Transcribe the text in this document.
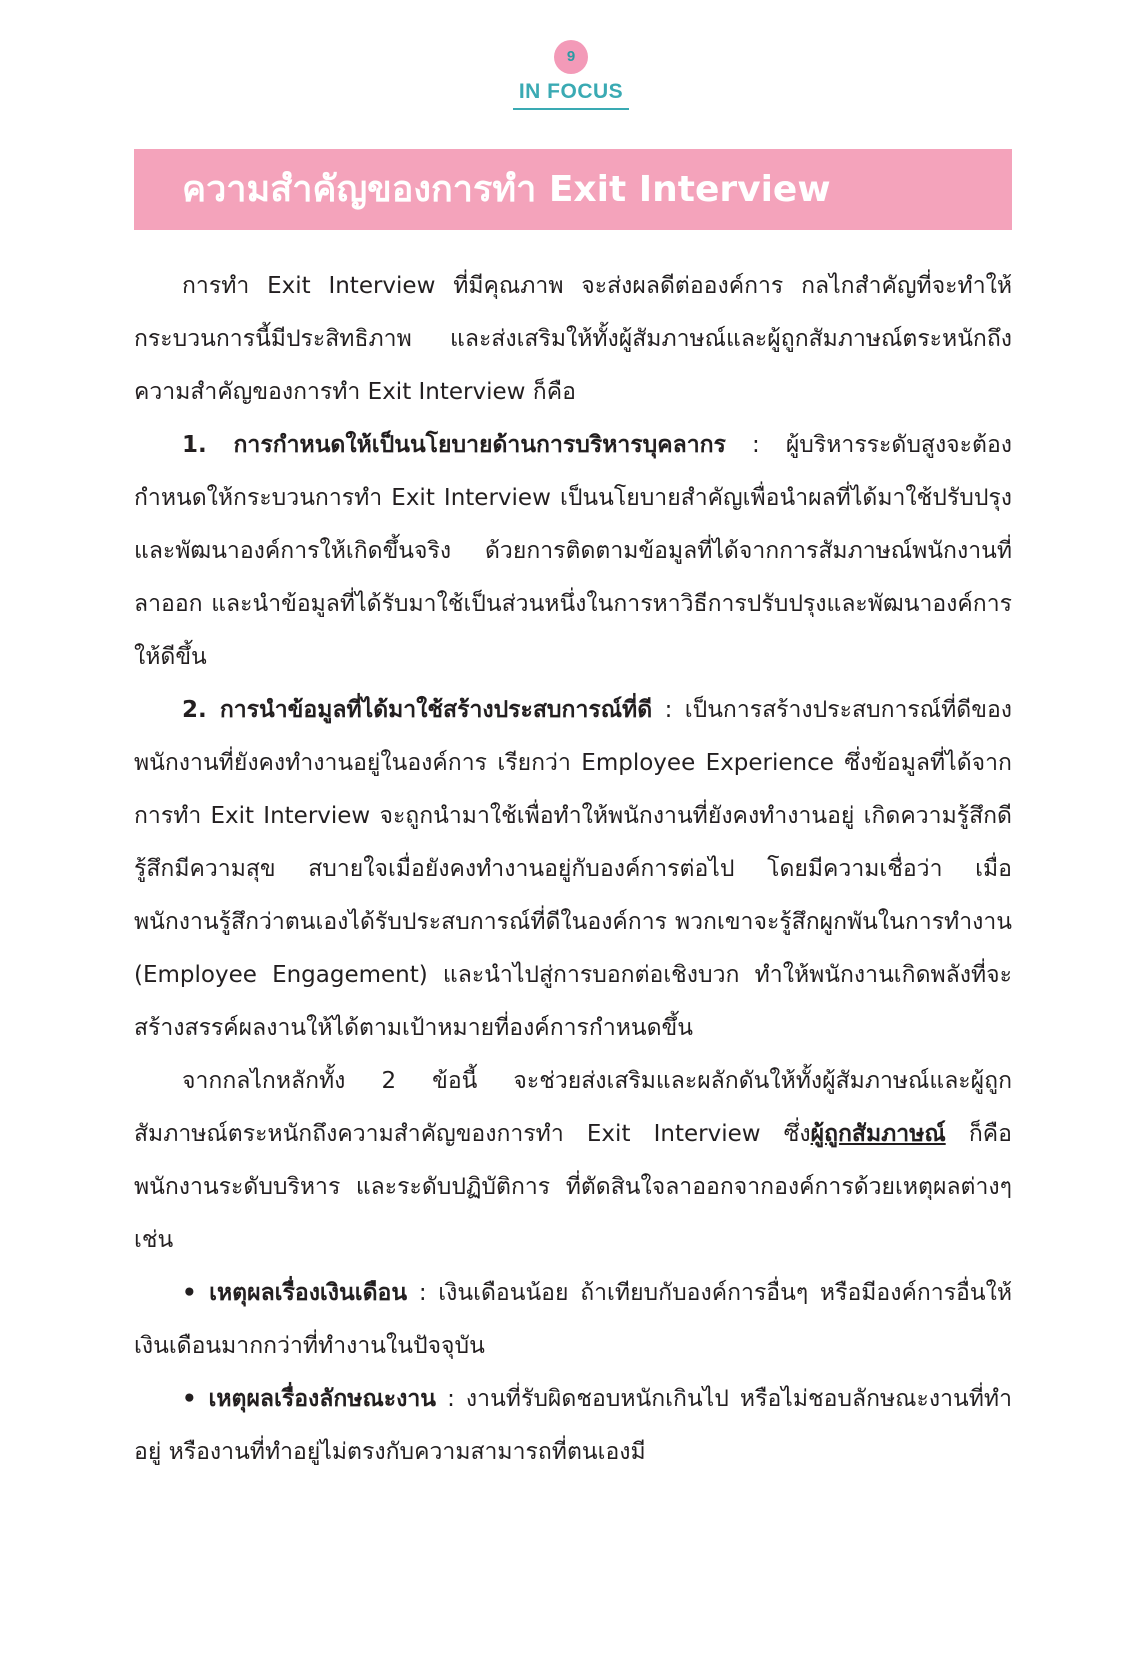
9
IN FOCUS
ความสำคัญของการทำ Exit Interview

การทำ Exit Interview ที่มีคุณภาพ จะส่งผลดีต่อองค์การ กลไกสำคัญที่จะทำให้กระบวนการนี้มีประสิทธิภาพ และส่งเสริมให้ทั้งผู้สัมภาษณ์และผู้ถูกสัมภาษณ์ตระหนักถึงความสำคัญของการทำ Exit Interview ก็คือ

1. การกำหนดให้เป็นนโยบายด้านการบริหารบุคลากร : ผู้บริหารระดับสูงจะต้องกำหนดให้กระบวนการทำ Exit Interview เป็นนโยบายสำคัญเพื่อนำผลที่ได้มาใช้ปรับปรุงและพัฒนาองค์การให้เกิดขึ้นจริง ด้วยการติดตามข้อมูลที่ได้จากการสัมภาษณ์พนักงานที่ลาออก และนำข้อมูลที่ได้รับมาใช้เป็นส่วนหนึ่งในการหาวิธีการปรับปรุงและพัฒนาองค์การให้ดีขึ้น

2. การนำข้อมูลที่ได้มาใช้สร้างประสบการณ์ที่ดี : เป็นการสร้างประสบการณ์ที่ดีของพนักงานที่ยังคงทำงานอยู่ในองค์การ เรียกว่า Employee Experience ซึ่งข้อมูลที่ได้จากการทำ Exit Interview จะถูกนำมาใช้เพื่อทำให้พนักงานที่ยังคงทำงานอยู่ เกิดความรู้สึกดี รู้สึกมีความสุข สบายใจเมื่อยังคงทำงานอยู่กับองค์การต่อไป โดยมีความเชื่อว่า เมื่อพนักงานรู้สึกว่าตนเองได้รับประสบการณ์ที่ดีในองค์การ พวกเขาจะรู้สึกผูกพันในการทำงาน (Employee Engagement) และนำไปสู่การบอกต่อเชิงบวก ทำให้พนักงานเกิดพลังที่จะสร้างสรรค์ผลงานให้ได้ตามเป้าหมายที่องค์การกำหนดขึ้น

จากกลไกหลักทั้ง 2 ข้อนี้ จะช่วยส่งเสริมและผลักดันให้ทั้งผู้สัมภาษณ์และผู้ถูกสัมภาษณ์ตระหนักถึงความสำคัญของการทำ Exit Interview ซึ่งผู้ถูกสัมภาษณ์ ก็คือ พนักงานระดับบริหาร และระดับปฏิบัติการ ที่ตัดสินใจลาออกจากองค์การด้วยเหตุผลต่างๆ เช่น

• เหตุผลเรื่องเงินเดือน : เงินเดือนน้อย ถ้าเทียบกับองค์การอื่นๆ หรือมีองค์การอื่นให้เงินเดือนมากกว่าที่ทำงานในปัจจุบัน

• เหตุผลเรื่องลักษณะงาน : งานที่รับผิดชอบหนักเกินไป หรือไม่ชอบลักษณะงานที่ทำอยู่ หรืองานที่ทำอยู่ไม่ตรงกับความสามารถที่ตนเองมี
